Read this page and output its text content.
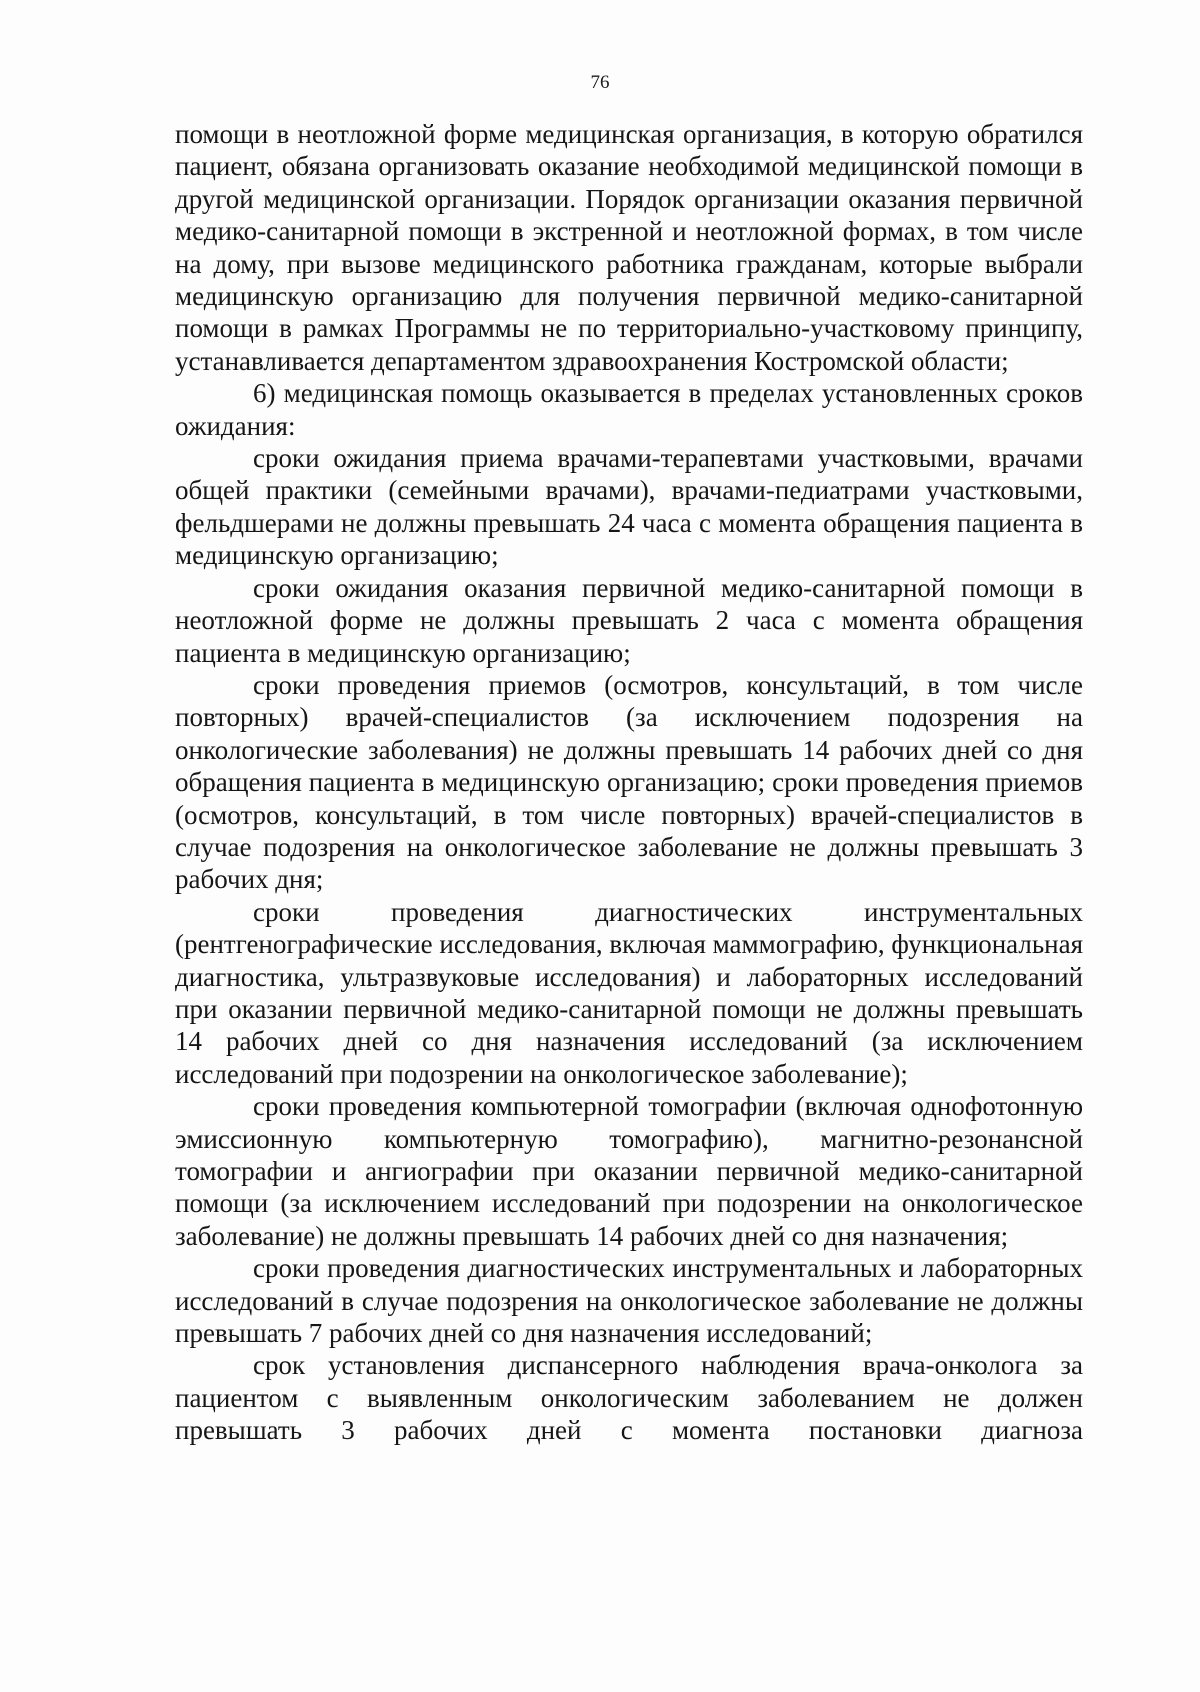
76

помощи в неотложной форме медицинская организация, в которую обратился пациент, обязана организовать оказание необходимой медицинской помощи в другой медицинской организации. Порядок организации оказания первичной медико-санитарной помощи в экстренной и неотложной формах, в том числе на дому, при вызове медицинского работника гражданам, которые выбрали медицинскую организацию для получения первичной медико-санитарной помощи в рамках Программы не по территориально-участковому принципу, устанавливается департаментом здравоохранения Костромской области;

6) медицинская помощь оказывается в пределах установленных сроков ожидания:

сроки ожидания приема врачами-терапевтами участковыми, врачами общей практики (семейными врачами), врачами-педиатрами участковыми, фельдшерами не должны превышать 24 часа с момента обращения пациента в медицинскую организацию;

сроки ожидания оказания первичной медико-санитарной помощи в неотложной форме не должны превышать 2 часа с момента обращения пациента в медицинскую организацию;

сроки проведения приемов (осмотров, консультаций, в том числе повторных) врачей-специалистов (за исключением подозрения на онкологические заболевания) не должны превышать 14 рабочих дней со дня обращения пациента в медицинскую организацию; сроки проведения приемов (осмотров, консультаций, в том числе повторных) врачей-специалистов в случае подозрения на онкологическое заболевание не должны превышать 3 рабочих дня;

сроки проведения диагностических инструментальных (рентгенографические исследования, включая маммографию, функциональная диагностика, ультразвуковые исследования) и лабораторных исследований при оказании первичной медико-санитарной помощи не должны превышать 14 рабочих дней со дня назначения исследований (за исключением исследований при подозрении на онкологическое заболевание);

сроки проведения компьютерной томографии (включая однофотонную эмиссионную компьютерную томографию), магнитно-резонансной томографии и ангиографии при оказании первичной медико-санитарной помощи (за исключением исследований при подозрении на онкологическое заболевание) не должны превышать 14 рабочих дней со дня назначения;

сроки проведения диагностических инструментальных и лабораторных исследований в случае подозрения на онкологическое заболевание не должны превышать 7 рабочих дней со дня назначения исследований;

срок установления диспансерного наблюдения врача-онколога за пациентом с выявленным онкологическим заболеванием не должен превышать 3 рабочих дней с момента постановки диагноза
